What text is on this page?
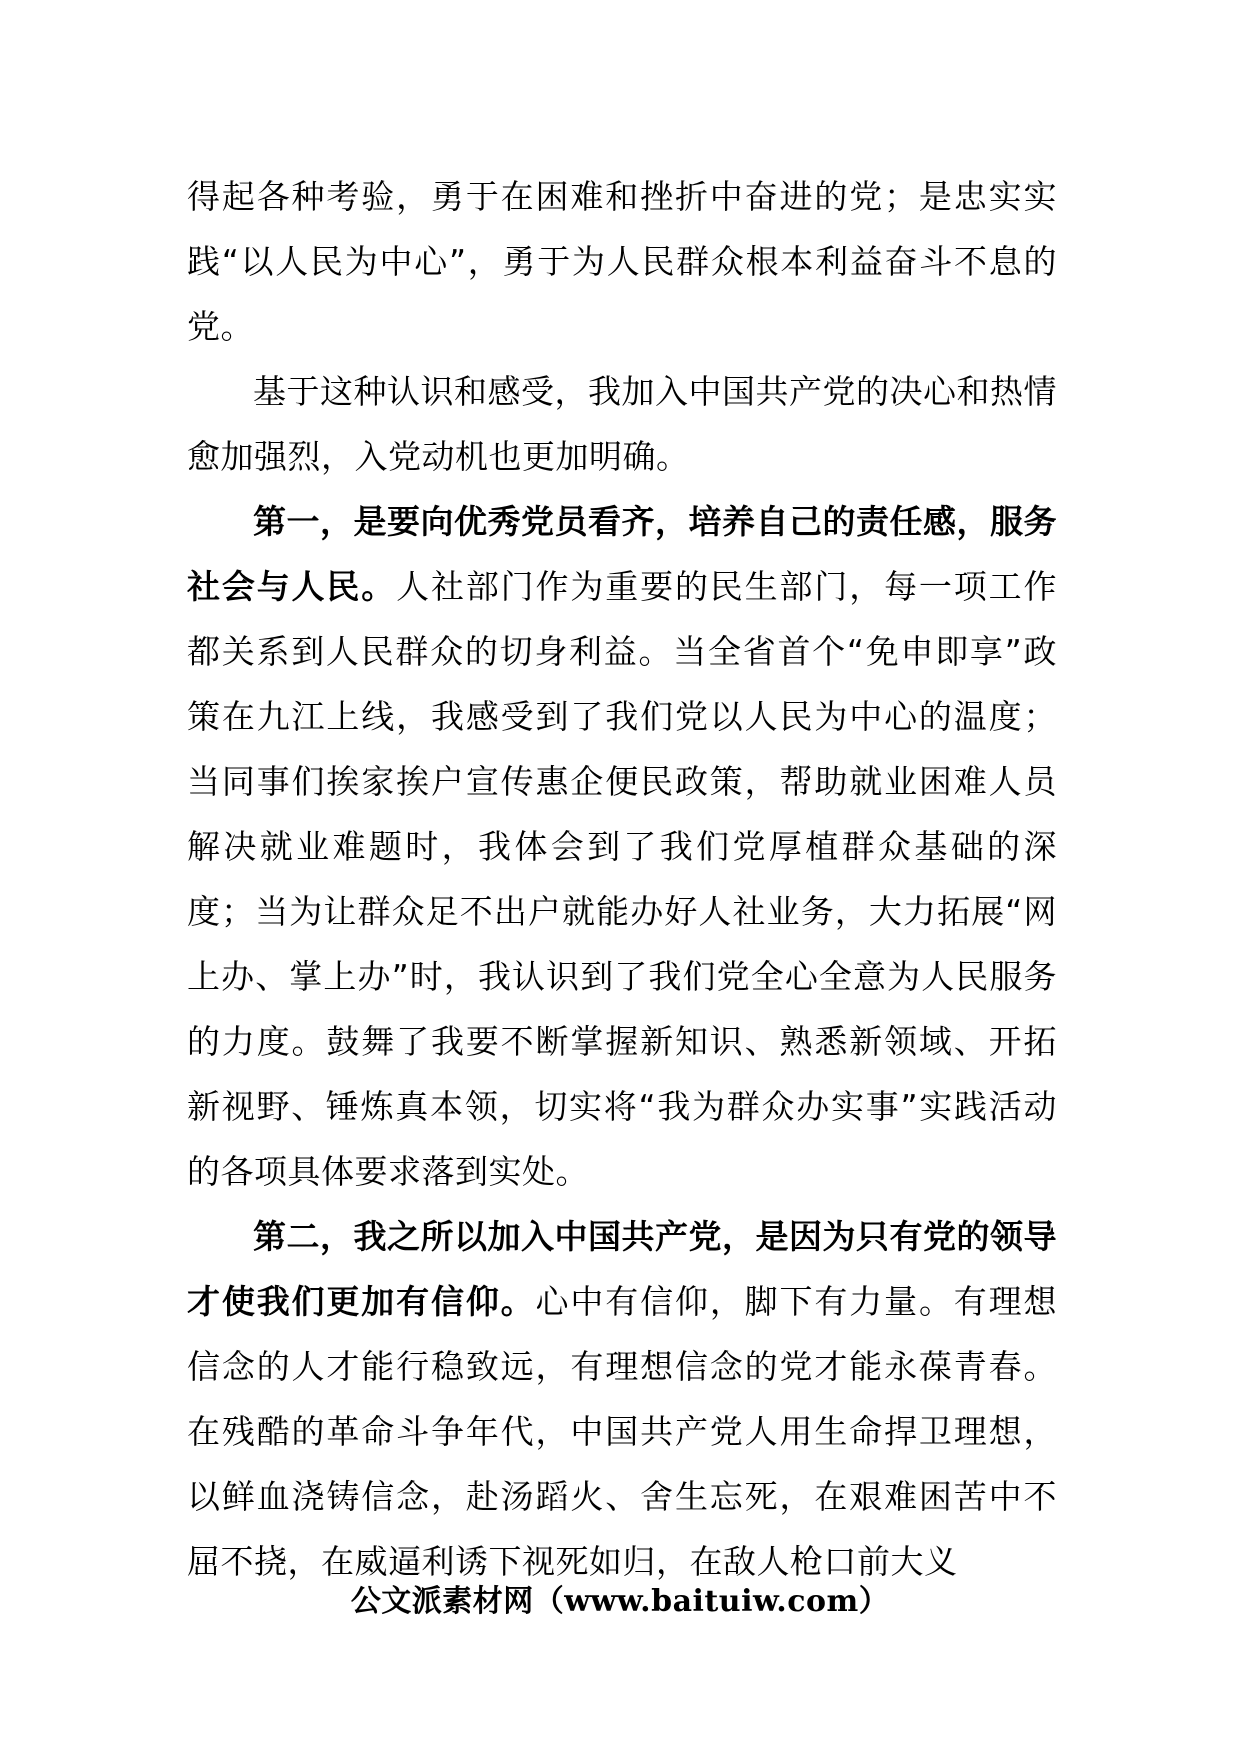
得起各种考验，勇于在困难和挫折中奋进的党；是忠实实践“以人民为中心”，勇于为人民群众根本利益奋斗不息的党。

基于这种认识和感受，我加入中国共产党的决心和热情愈加强烈，入党动机也更加明确。

第一，是要向优秀党员看齐，培养自己的责任感，服务社会与人民。人社部门作为重要的民生部门，每一项工作都关系到人民群众的切身利益。当全省首个“免申即享”政策在九江上线，我感受到了我们党以人民为中心的温度；当同事们挨家挨户宣传惠企便民政策，帮助就业困难人员解决就业难题时，我体会到了我们党厚植群众基础的深度；当为让群众足不出户就能办好人社业务，大力拓展“网上办、掌上办”时，我认识到了我们党全心全意为人民服务的力度。鼓舞了我要不断掌握新知识、熟悉新领域、开拓新视野、锤炼真本领，切实将“我为群众办实事”实践活动的各项具体要求落到实处。

第二，我之所以加入中国共产党，是因为只有党的领导才使我们更加有信仰。心中有信仰，脚下有力量。有理想信念的人才能行稳致远，有理想信念的党才能永葆青春。在残酷的革命斗争年代，中国共产党人用生命捍卫理想，以鲜血浇铸信念，赴汤蹈火、舍生忘死，在艰难困苦中不屈不挠，在威逼利诱下视死如归，在敌人枪口前大义

公文派素材网（www.baituiw.com）
